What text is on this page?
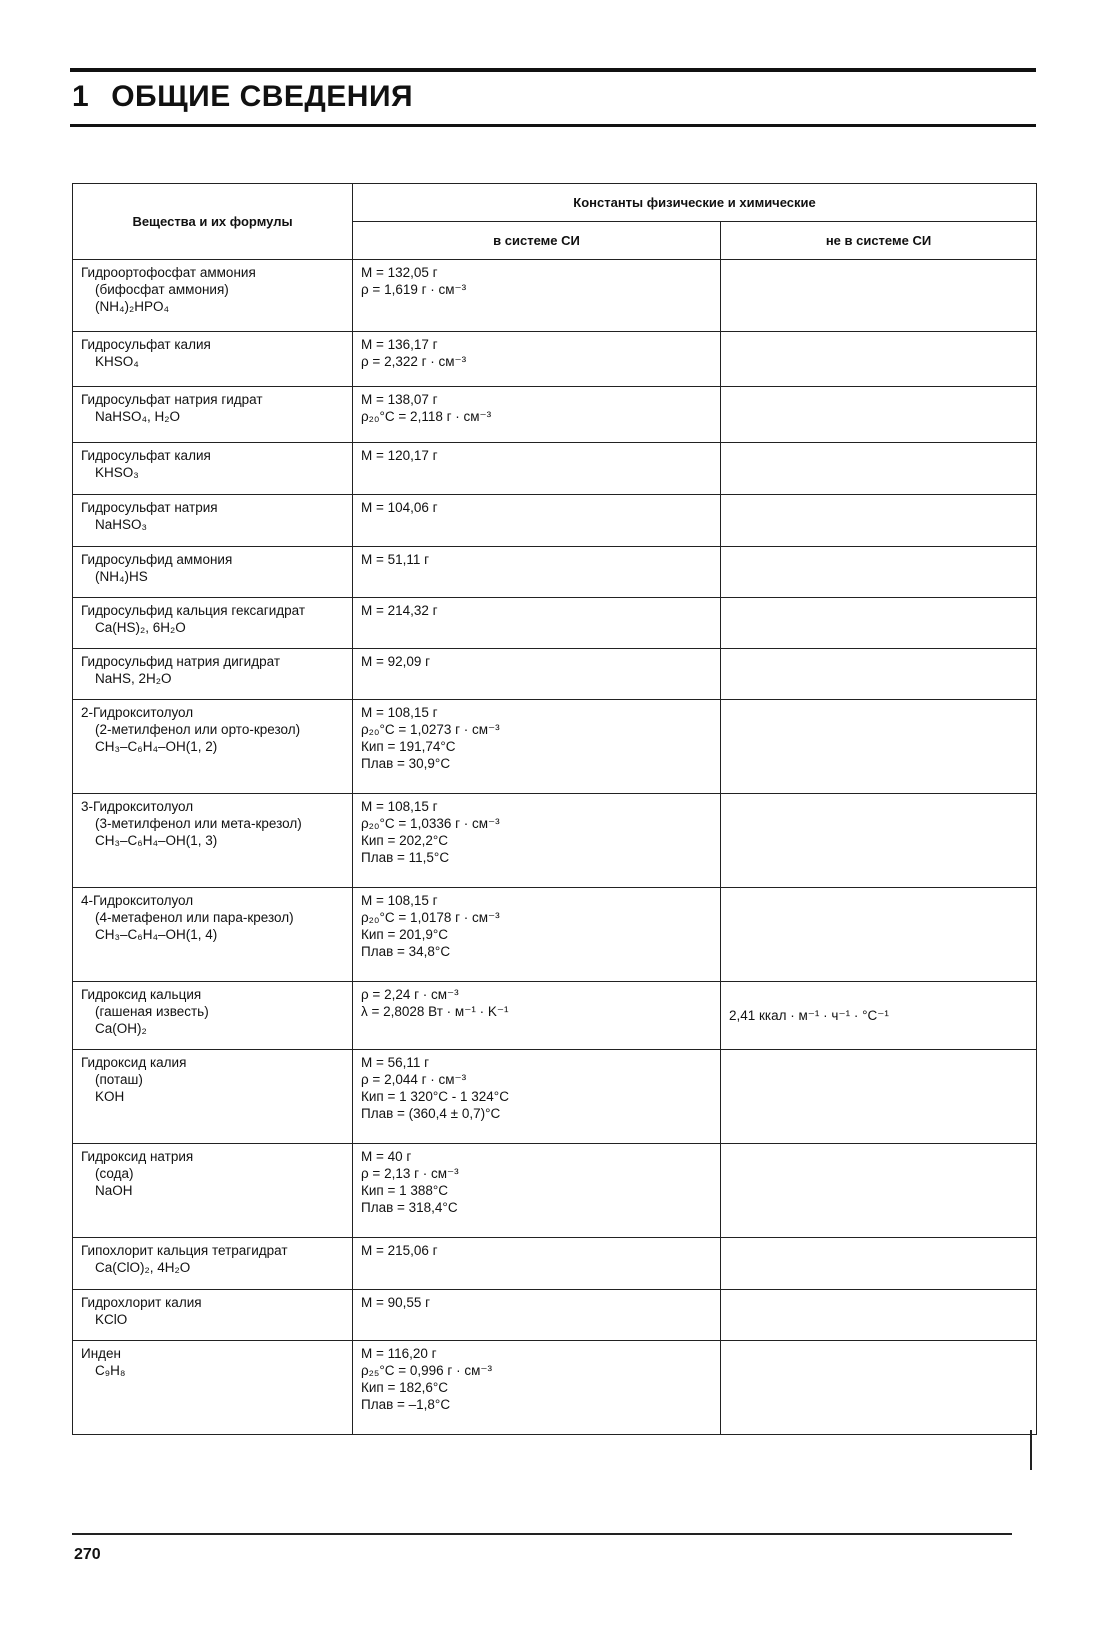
1 ОБЩИЕ СВЕДЕНИЯ
Вещества и их формулы	Константы физические и химические	
	в системе СИ	не в системе СИ

Гидроортофосфат аммония
(бифосфат аммония)
(NH₄)₂HPO₄	M = 132,05 г
ρ = 1,619 г · см⁻³	

Гидросульфат калия
KHSO₄	M = 136,17 г
ρ = 2,322 г · см⁻³	

Гидросульфат натрия гидрат
NaHSO₄, H₂O	M = 138,07 г
ρ₂₀°C = 2,118 г · см⁻³	

Гидросульфат калия
KHSO₃	M = 120,17 г	

Гидросульфат натрия
NaHSO₃	M = 104,06 г	

Гидросульфид аммония
(NH₄)HS	M = 51,11 г	

Гидросульфид кальция гексагидрат
Ca(HS)₂, 6H₂O	M = 214,32 г	

Гидросульфид натрия дигидрат
NaHS, 2H₂O	M = 92,09 г	

2-Гидрокситолуол
(2-метилфенол или орто-крезол)
CH₃–C₆H₄–OH(1, 2)	M = 108,15 г
ρ₂₀°C = 1,0273 г · см⁻³
Кип = 191,74°C
Плав = 30,9°C	

3-Гидрокситолуол
(3-метилфенол или мета-крезол)
CH₃–C₆H₄–OH(1, 3)	M = 108,15 г
ρ₂₀°C = 1,0336 г · см⁻³
Кип = 202,2°C
Плав = 11,5°C	

4-Гидрокситолуол
(4-метафенол или пара-крезол)
CH₃–C₆H₄–OH(1, 4)	M = 108,15 г
ρ₂₀°C = 1,0178 г · см⁻³
Кип = 201,9°C
Плав = 34,8°C	

Гидроксид кальция
(гашеная известь)
Ca(OH)₂	ρ = 2,24 г · см⁻³
λ = 2,8028 Вт · м⁻¹ · K⁻¹	2,41 ккал · м⁻¹ · ч⁻¹ · °C⁻¹

Гидроксид калия
(поташ)
KOH	M = 56,11 г
ρ = 2,044 г · см⁻³
Кип = 1 320°C - 1 324°C
Плав = (360,4 ± 0,7)°C	

Гидроксид натрия
(сода)
NaOH	M = 40 г
ρ = 2,13 г · см⁻³
Кип = 1 388°C
Плав = 318,4°C	

Гипохлорит кальция тетрагидрат
Ca(ClO)₂, 4H₂O	M = 215,06 г	

Гидрохлорит калия
KClO	M = 90,55 г	

Инден
C₉H₈	M = 116,20 г
ρ₂₅°C = 0,996 г · см⁻³
Кип = 182,6°C
Плав = –1,8°C	

270
